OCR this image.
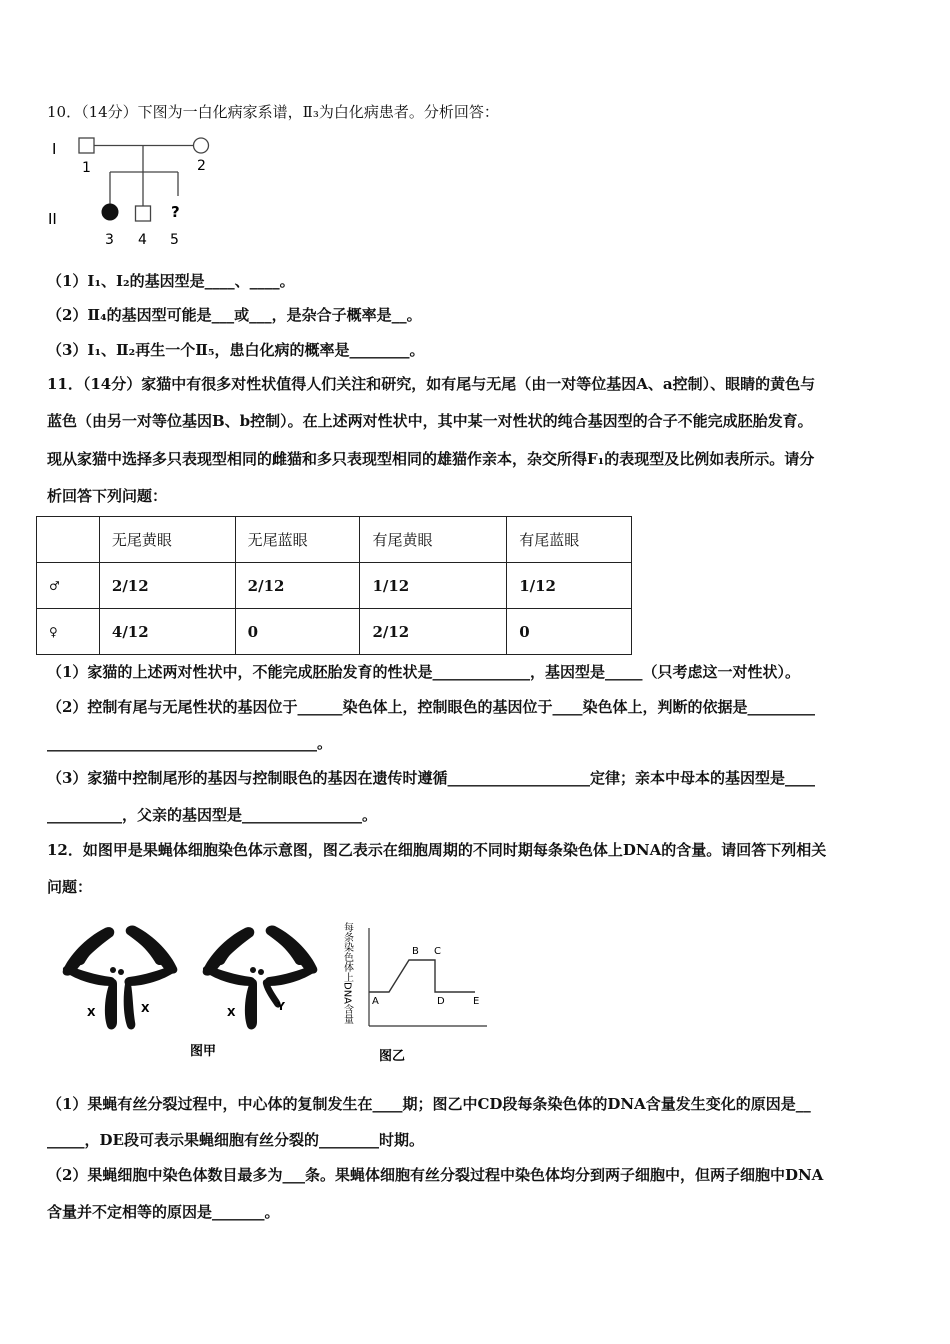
10．（14分）下图为一白化病家系谱，Ⅱ₃为白化病患者。分析回答：
I
1	2
II	?
3 4 5
（1）Ⅰ₁、Ⅰ₂的基因型是____、____。
（2）Ⅱ₄的基因型可能是___或___，是杂合子概率是__。
（3）Ⅰ₁、Ⅱ₂再生一个Ⅱ₅，患白化病的概率是________。
11．（14分）家猫中有很多对性状值得人们关注和研究，如有尾与无尾（由一对等位基因A、a控制）、眼睛的黄色与
蓝色（由另一对等位基因B、b控制）。在上述两对性状中，其中某一对性状的纯合基因型的合子不能完成胚胎发育。
现从家猫中选择多只表现型相同的雌猫和多只表现型相同的雄猫作亲本，杂交所得F₁的表现型及比例如表所示。请分
析回答下列问题：
	无尾黄眼	无尾蓝眼	有尾黄眼	有尾蓝眼
♂	2/12	2/12	1/12	1/12
♀	4/12	0	2/12	0
（1）家猫的上述两对性状中，不能完成胚胎发育的性状是_____________，基因型是_____（只考虑这一对性状）。
（2）控制有尾与无尾性状的基因位于______染色体上，控制眼色的基因位于____染色体上，判断的依据是_________
____________________________________。
（3）家猫中控制尾形的基因与控制眼色的基因在遗传时遵循___________________定律；亲本中母本的基因型是____
__________，父亲的基因型是________________。
12．如图甲是果蝇体细胞染色体示意图，图乙表示在细胞周期的不同时期每条染色体上DNA的含量。请回答下列相关
问题：
X	X	X	Y
图甲
每条染色体上DNA含量 A
B C
D	E
图乙
（1）果蝇有丝分裂过程中，中心体的复制发生在____期；图乙中CD段每条染色体的DNA含量发生变化的原因是__
_____，DE段可表示果蝇细胞有丝分裂的________时期。
（2）果蝇细胞中染色体数目最多为___条。果蝇体细胞有丝分裂过程中染色体均分到两子细胞中，但两子细胞中DNA
含量并不定相等的原因是_______。
